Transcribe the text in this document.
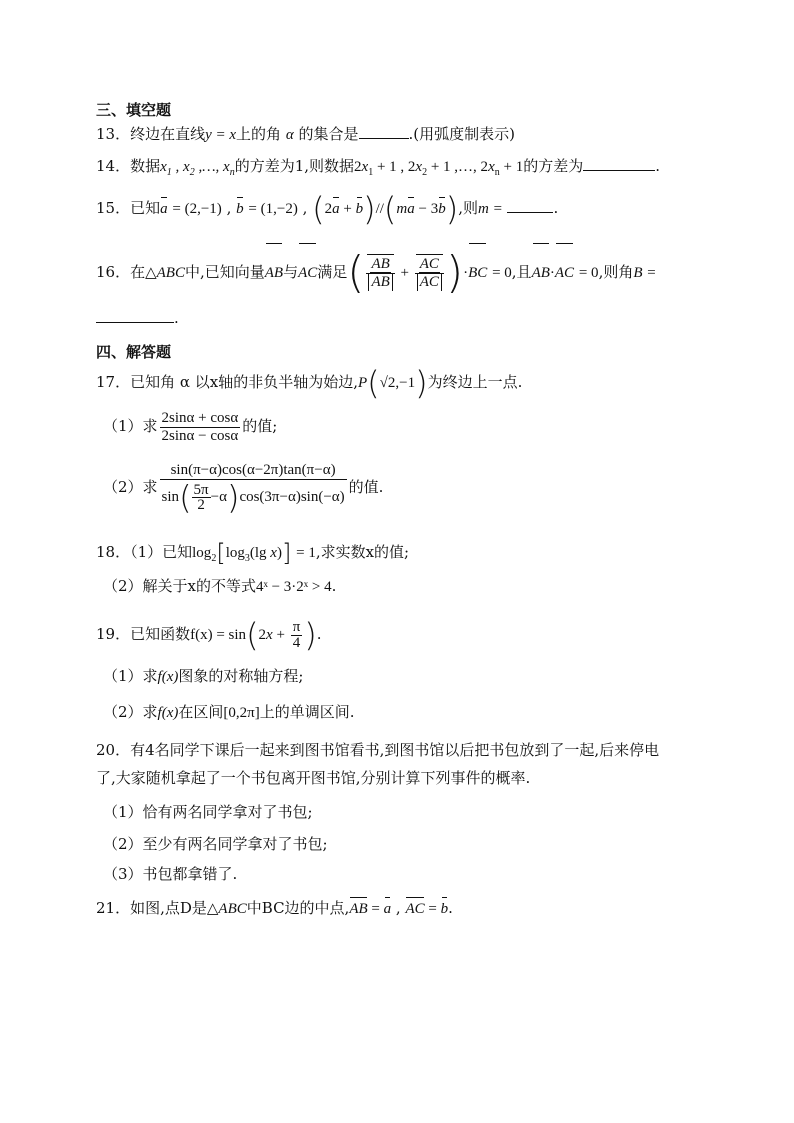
三、填空题
13．终边在直线y = x上的角 α 的集合是	.(用弧度制表示)
14．数据$x_1$ , $x_2$ ,…, $x_n$的方差为1,则数据$2x_1 + 1$ , $2x_2 + 1$ ,…, $2x_n + 1$的方差为	.
15．已知a = (2,−1) , b = (1,−2) , (2a + b)//(ma − 3b),则m =	.
16．在△ABC中,已知向量AB与AC满足( $\frac{AB}{AB} + \frac{AC}{AC} )\cdot BC = 0$,且AB·AC = 0,则角B =
.
四、解答题
17．已知角 α 以x轴的非负半轴为始边,P(√2,−1)为终边上一点.
（1）求 $\frac{2\sin\alpha + \cos\alpha}{2\sin\alpha - \cos\alpha}$ 的值;
（2）求 $\frac{\sin(\pi-\alpha)\cos(\alpha-2\pi)\tan(\pi-\alpha)}{\sin( \frac{5\pi}{2} -\alpha)\cos(3\pi-\alpha)\sin(-\alpha)}$ 的值.
18．（1）已知$\log_2[\log_3(\lg$ x)] = 1,求实数x的值;
（2）解关于x的不等式4ˣ − 3·2ˣ > 4.
19．已知函数$f(x) = \sin(2x + \frac{\pi}{4}$ ).
（1）求f(x)图象的对称轴方程;
（2）求f(x)在区间[0,2π]上的单调区间.
20．有4名同学下课后一起来到图书馆看书,到图书馆以后把书包放到了一起,后来停电
了,大家随机拿起了一个书包离开图书馆,分别计算下列事件的概率.
（1）恰有两名同学拿对了书包;
（2）至少有两名同学拿对了书包;
（3）书包都拿错了.
21．如图,点D是△ABC中BC边的中点,AB = a , AC = b.
